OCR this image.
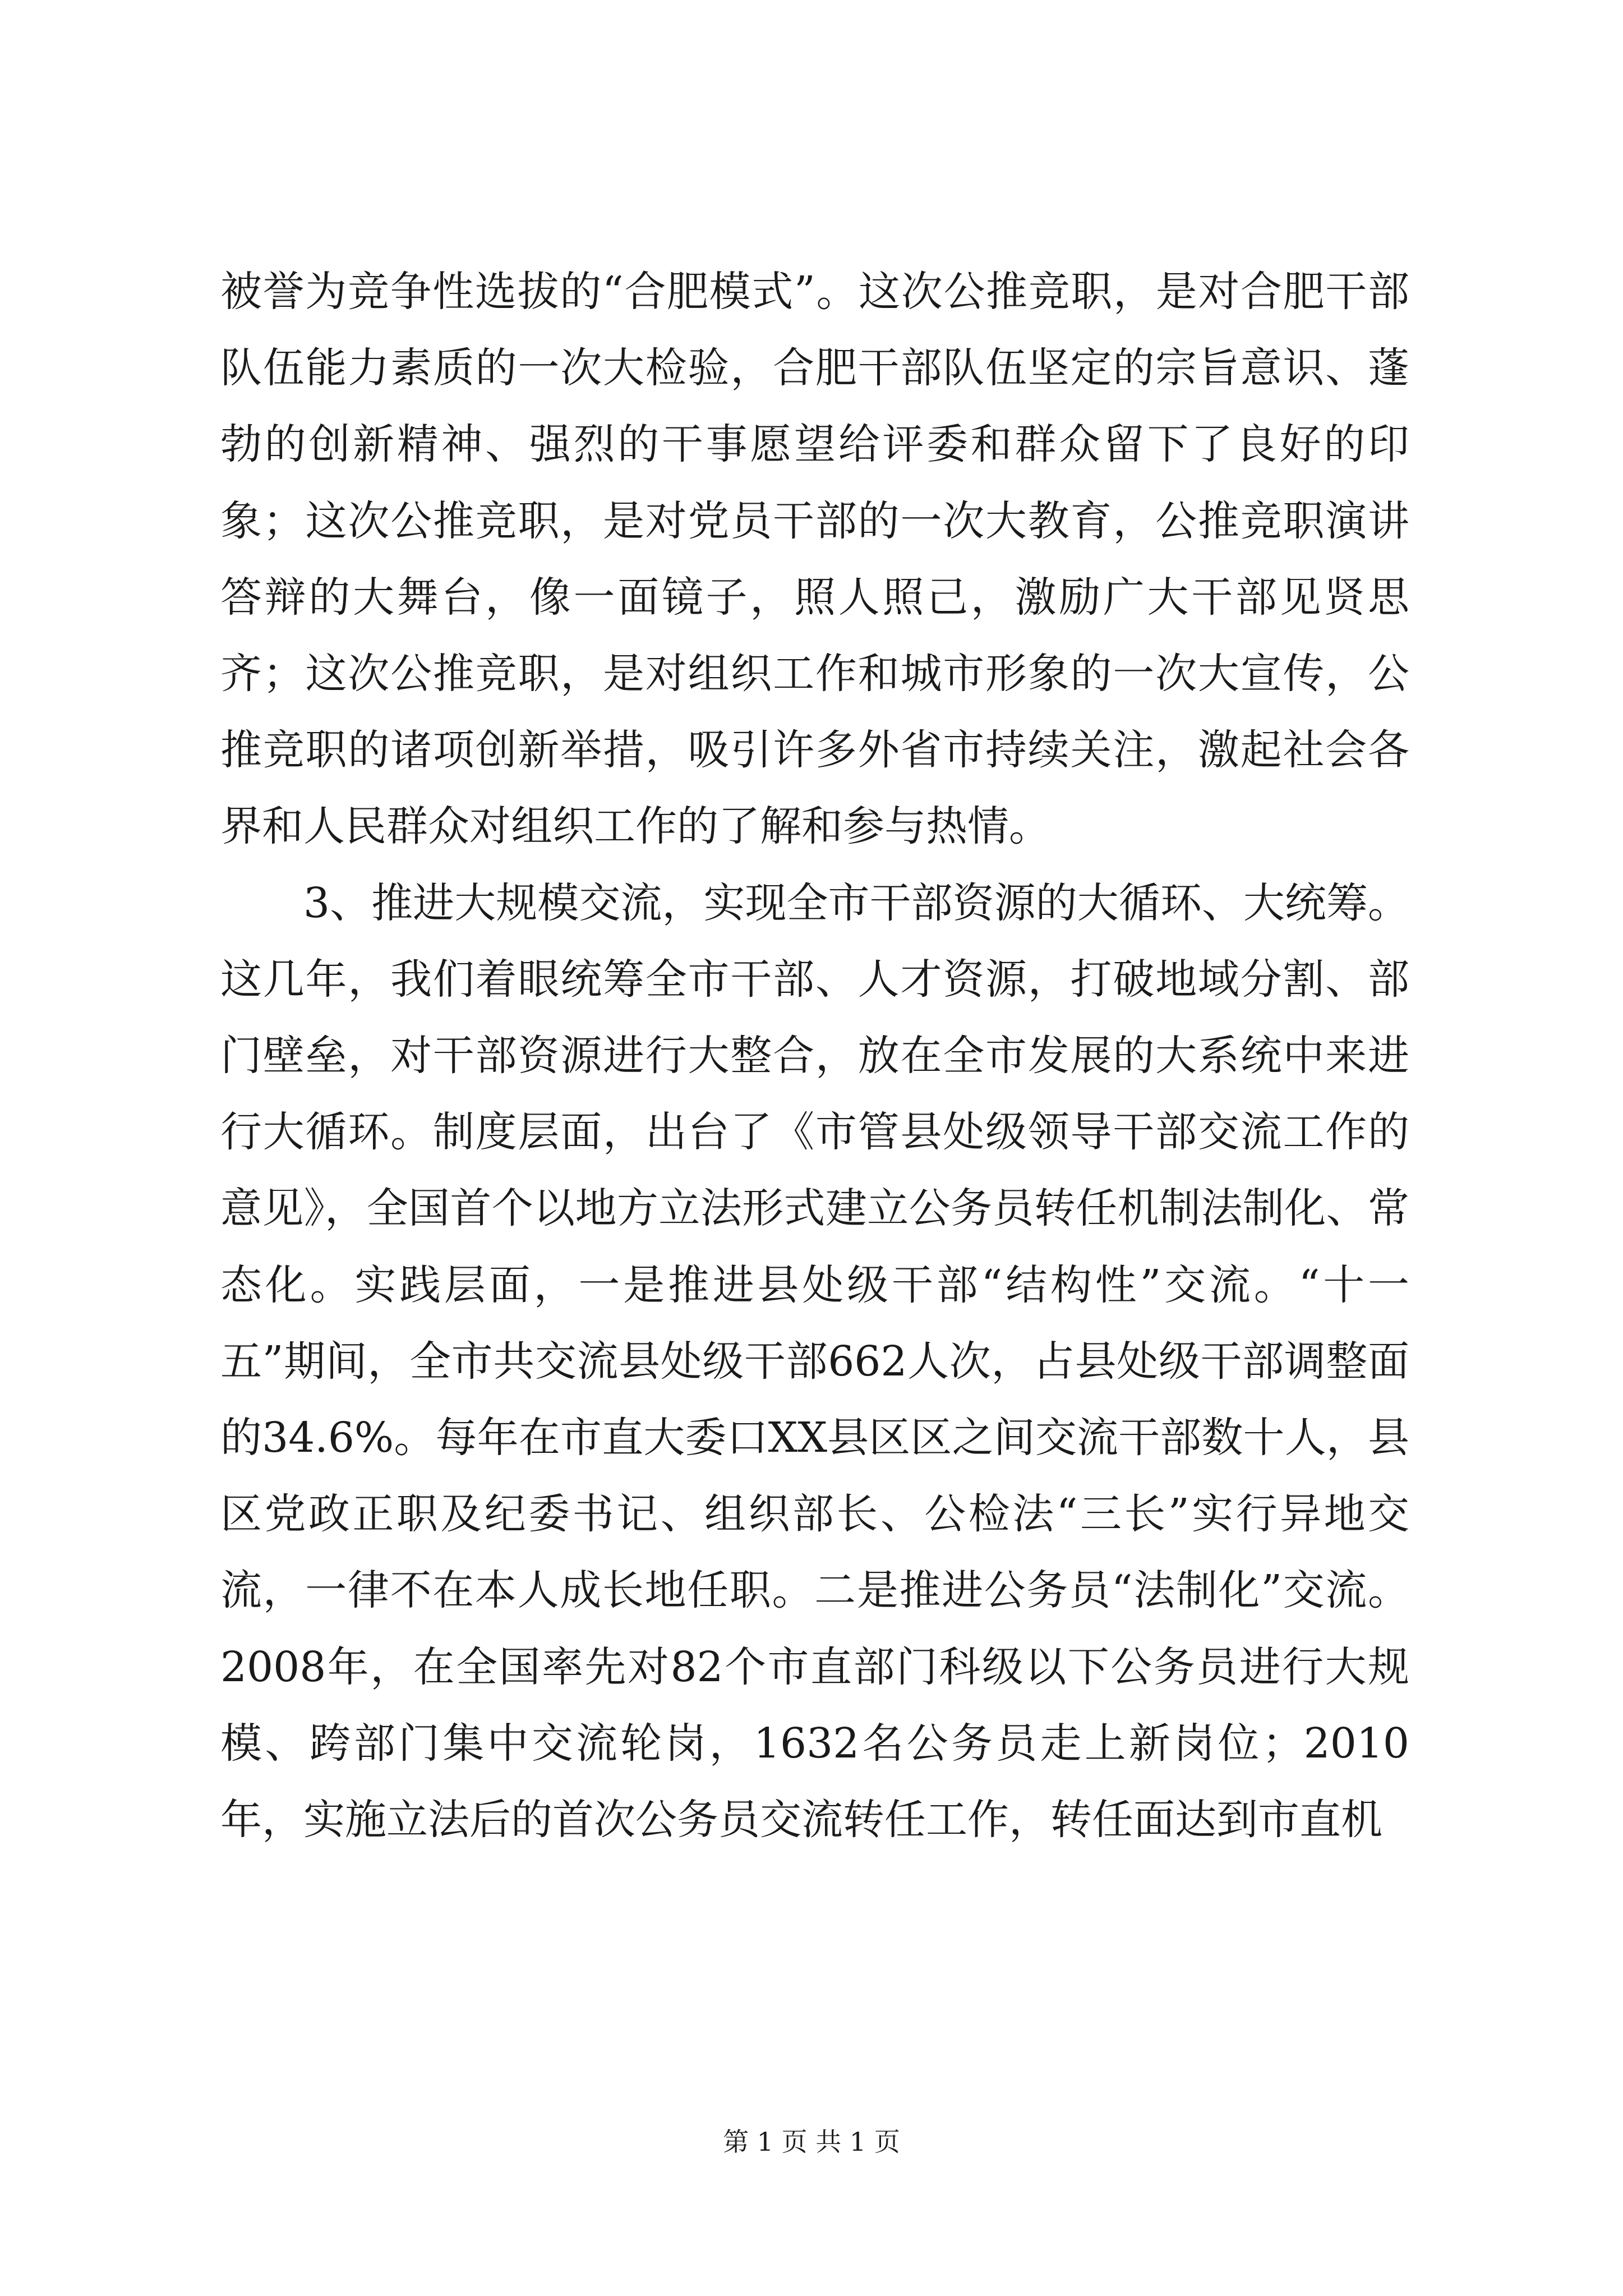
被誉为竞争性选拔的“合肥模式”。这次公推竞职，是对合肥干部队伍能力素质的一次大检验，合肥干部队伍坚定的宗旨意识、蓬勃的创新精神、强烈的干事愿望给评委和群众留下了良好的印象；这次公推竞职，是对党员干部的一次大教育，公推竞职演讲答辩的大舞台，像一面镜子，照人照己，激励广大干部见贤思齐；这次公推竞职，是对组织工作和城市形象的一次大宣传，公推竞职的诸项创新举措，吸引许多外省市持续关注，激起社会各界和人民群众对组织工作的了解和参与热情。

3、推进大规模交流，实现全市干部资源的大循环、大统筹。这几年，我们着眼统筹全市干部、人才资源，打破地域分割、部门壁垒，对干部资源进行大整合，放在全市发展的大系统中来进行大循环。制度层面，出台了《市管县处级领导干部交流工作的意见》，全国首个以地方立法形式建立公务员转任机制法制化、常态化。实践层面，一是推进县处级干部“结构性”交流。“十一五”期间，全市共交流县处级干部662人次，占县处级干部调整面的34.6%。每年在市直大委口XX县区区之间交流干部数十人，县区党政正职及纪委书记、组织部长、公检法“三长”实行异地交流，一律不在本人成长地任职。二是推进公务员“法制化”交流。2008年，在全国率先对82个市直部门科级以下公务员进行大规模、跨部门集中交流轮岗，1632名公务员走上新岗位；2010年，实施立法后的首次公务员交流转任工作，转任面达到市直机

第 1 页 共 1 页
